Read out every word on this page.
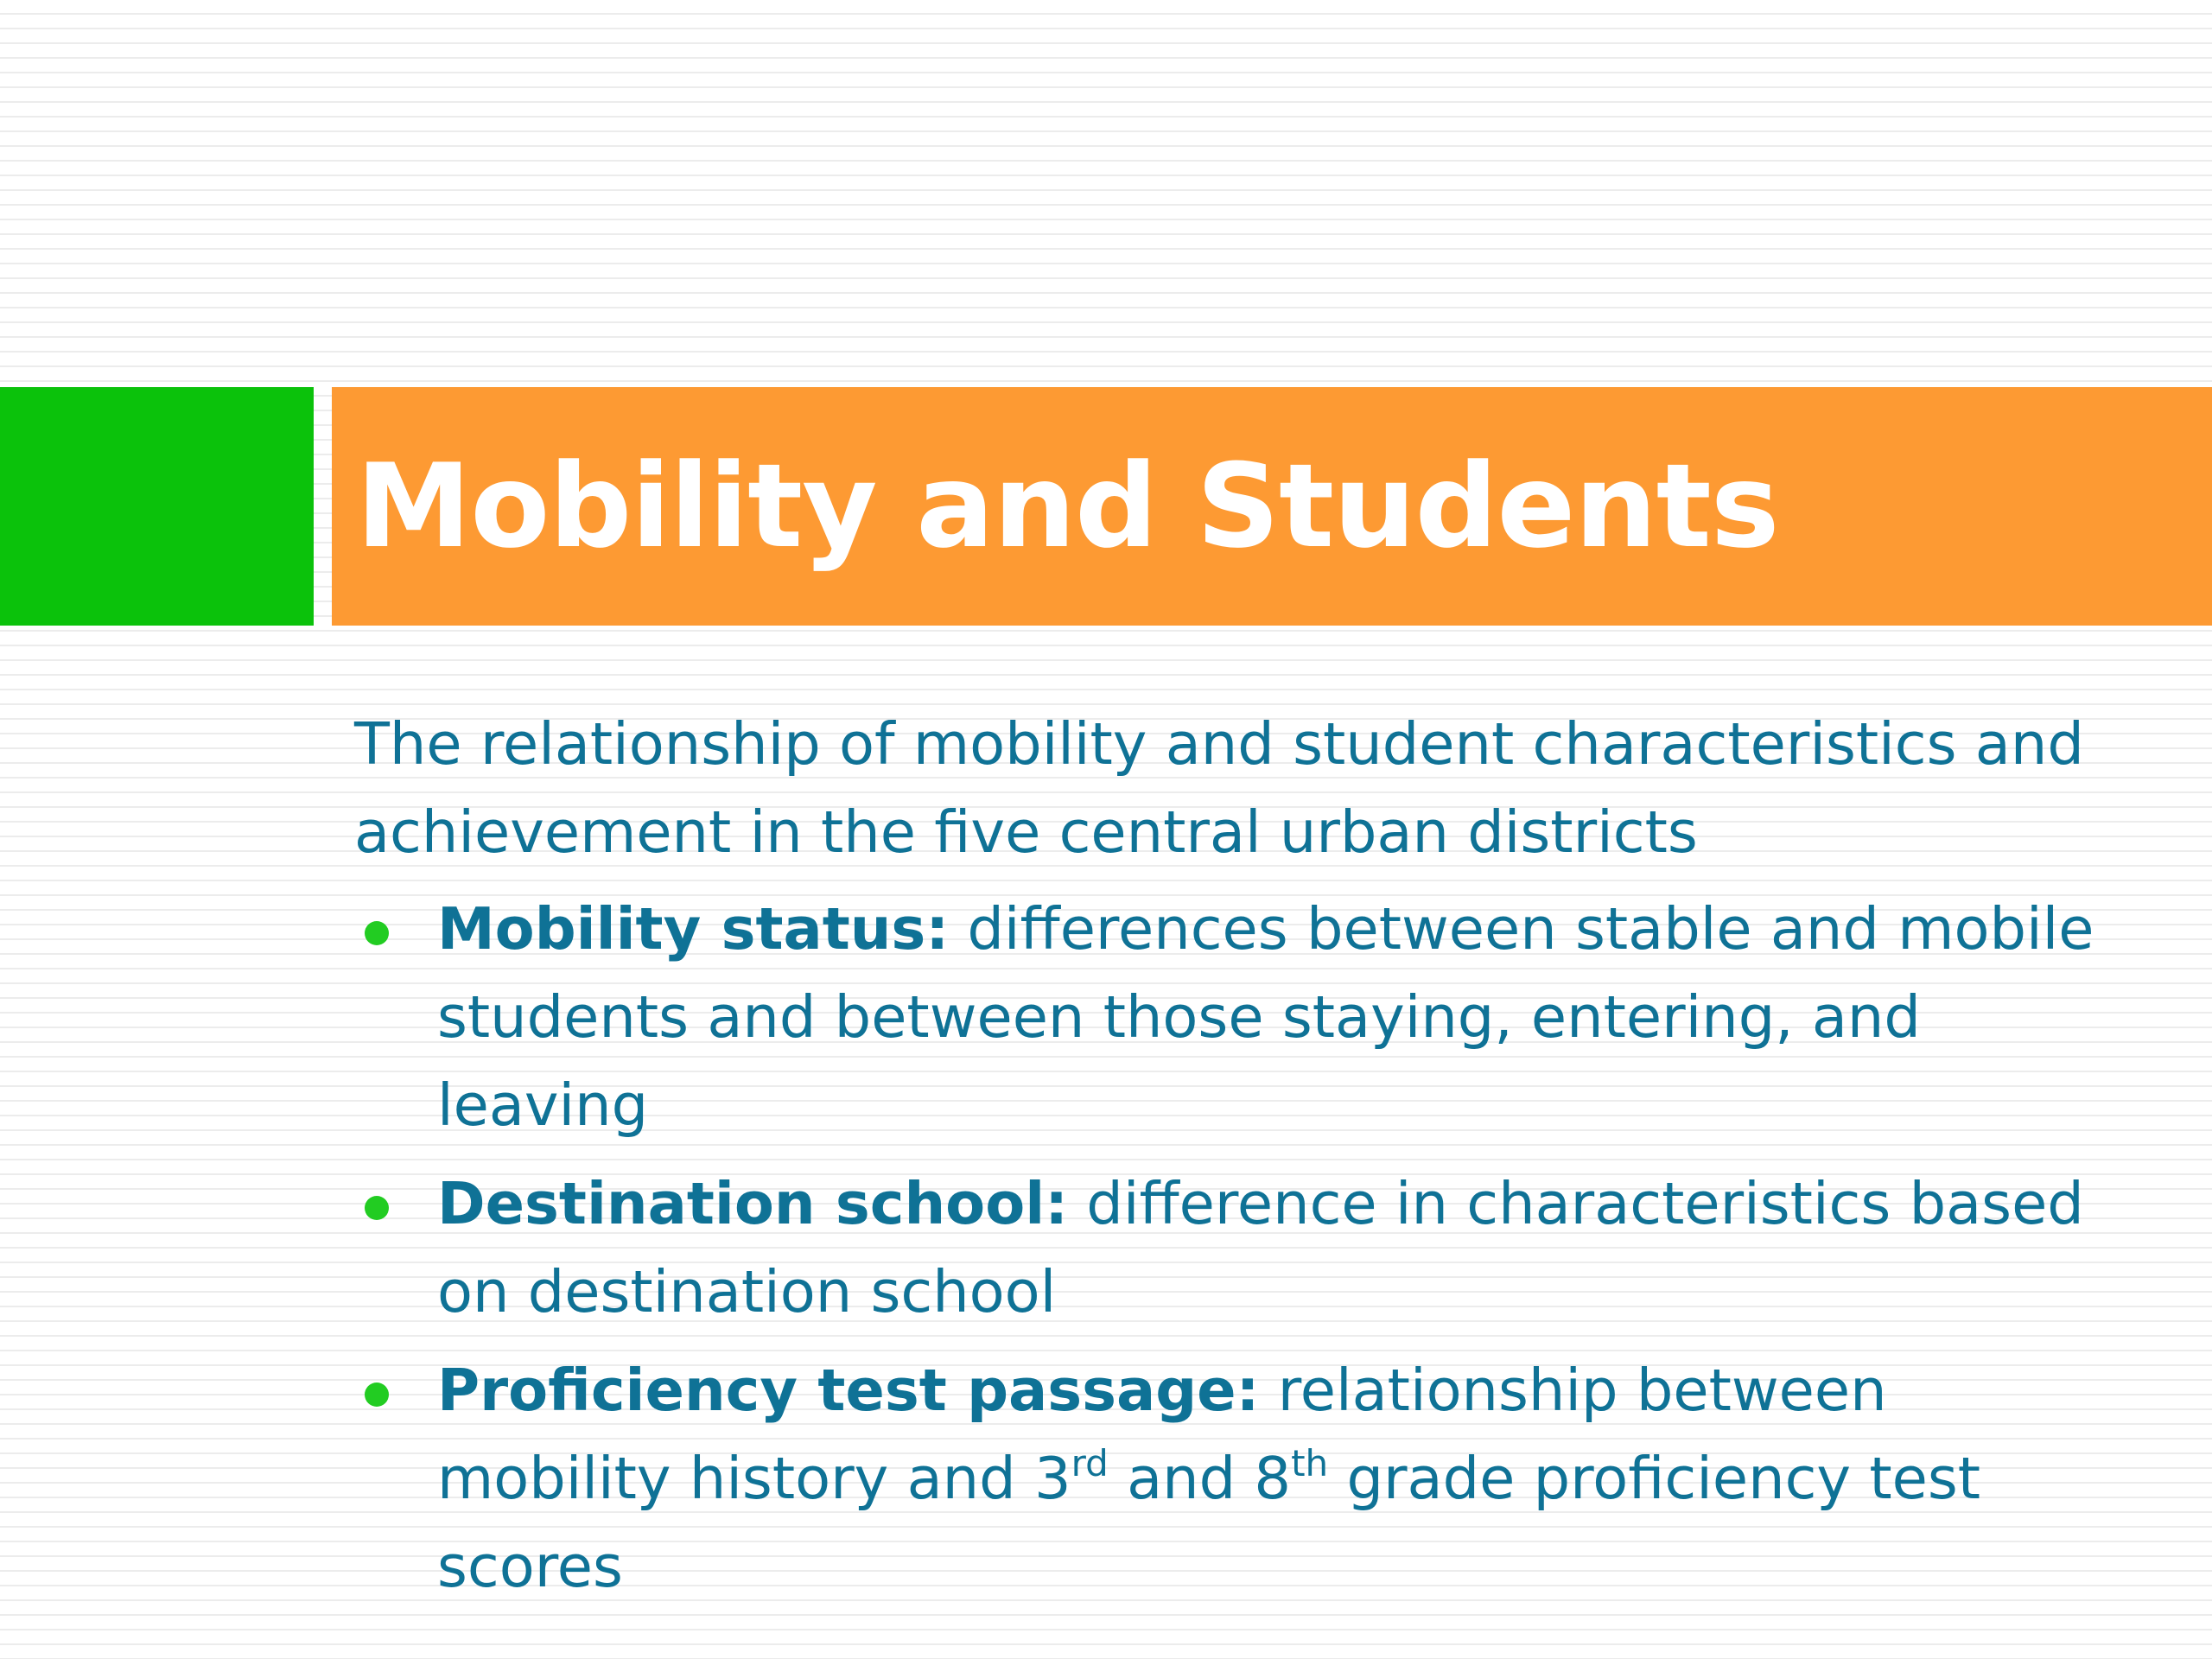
Mobility and Students

The relationship of mobility and student characteristics and achievement in the five central urban districts

Mobility status: differences between stable and mobile students and between those staying, entering, and leaving
Destination school: difference in characteristics based on destination school
Proficiency test passage: relationship between mobility history and 3rd and 8th grade proficiency test scores
